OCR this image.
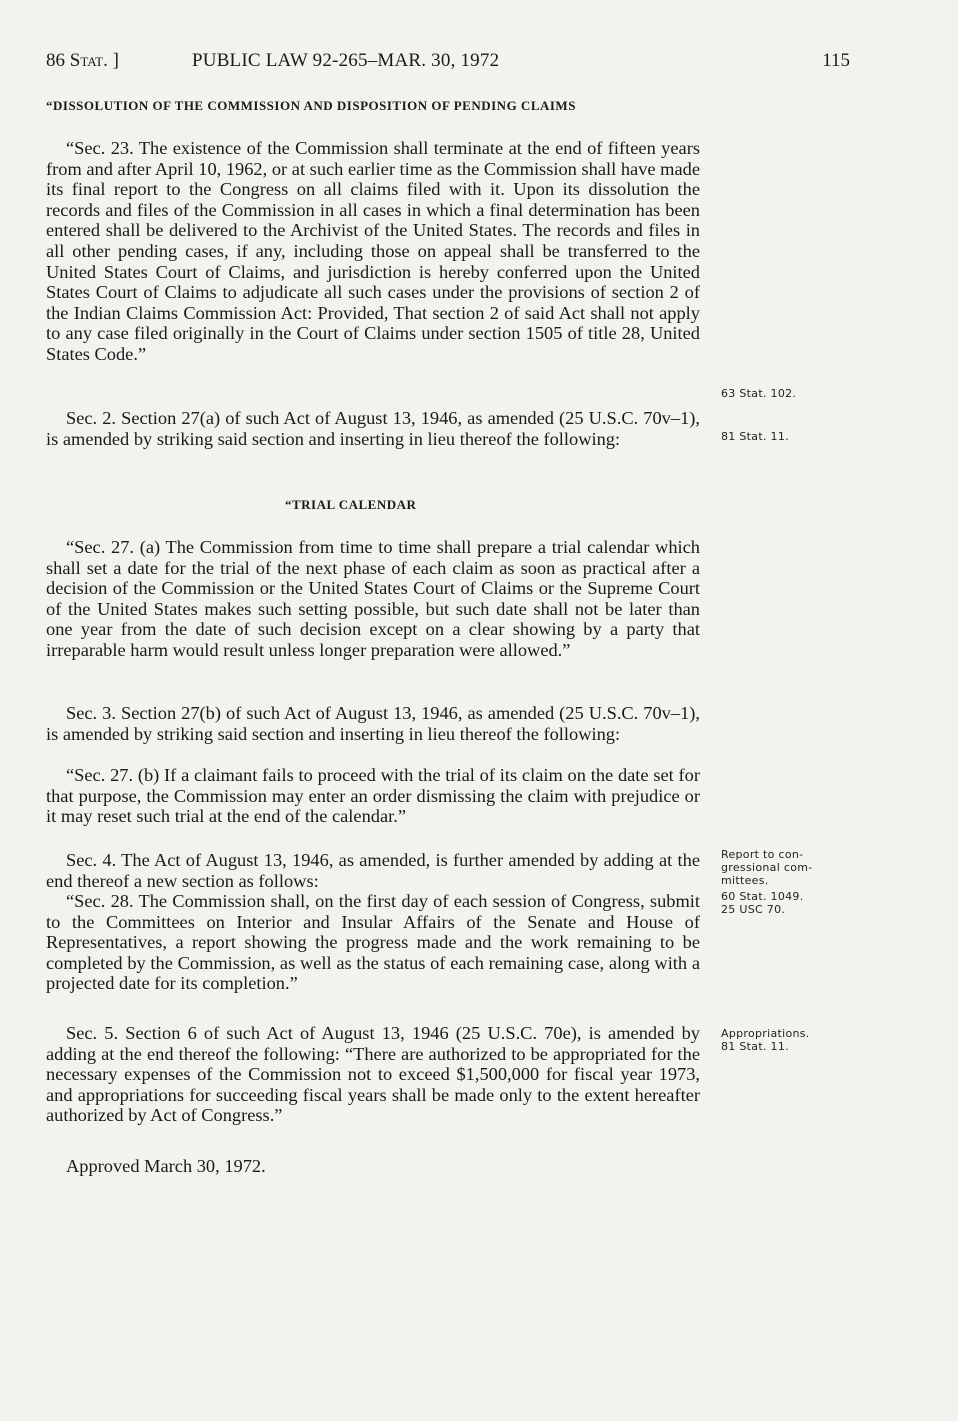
86 Stat. ]	PUBLIC LAW 92-265–MAR. 30, 1972	115
“DISSOLUTION OF THE COMMISSION AND DISPOSITION OF PENDING CLAIMS

“Sec. 23. The existence of the Commission shall terminate at the end of fifteen years from and after April 10, 1962, or at such earlier time as the Commission shall have made its final report to the Congress on all claims filed with it. Upon its dissolution the records and files of the Commission in all cases in which a final determination has been entered shall be delivered to the Archivist of the United States. The records and files in all other pending cases, if any, including those on appeal shall be transferred to the United States Court of Claims, and jurisdiction is hereby conferred upon the United States Court of Claims to adjudicate all such cases under the provisions of section 2 of the Indian Claims Commission Act: Provided, That section 2 of said Act shall not apply to any case filed originally in the Court of Claims under section 1505 of title 28, United States Code.”

Sec. 2. Section 27(a) of such Act of August 13, 1946, as amended (25 U.S.C. 70v–1), is amended by striking said section and inserting in lieu thereof the following:

“TRIAL CALENDAR

“Sec. 27. (a) The Commission from time to time shall prepare a trial calendar which shall set a date for the trial of the next phase of each claim as soon as practical after a decision of the Commission or the United States Court of Claims or the Supreme Court of the United States makes such setting possible, but such date shall not be later than one year from the date of such decision except on a clear showing by a party that irreparable harm would result unless longer preparation were allowed.”

Sec. 3. Section 27(b) of such Act of August 13, 1946, as amended (25 U.S.C. 70v–1), is amended by striking said section and inserting in lieu thereof the following:

“Sec. 27. (b) If a claimant fails to proceed with the trial of its claim on the date set for that purpose, the Commission may enter an order dismissing the claim with prejudice or it may reset such trial at the end of the calendar.”

Sec. 4. The Act of August 13, 1946, as amended, is further amended by adding at the end thereof a new section as follows:

“Sec. 28. The Commission shall, on the first day of each session of Congress, submit to the Committees on Interior and Insular Affairs of the Senate and House of Representatives, a report showing the progress made and the work remaining to be completed by the Commission, as well as the status of each remaining case, along with a projected date for its completion.”

Sec. 5. Section 6 of such Act of August 13, 1946 (25 U.S.C. 70e), is amended by adding at the end thereof the following: “There are authorized to be appropriated for the necessary expenses of the Commission not to exceed $1,500,000 for fiscal year 1973, and appropriations for succeeding fiscal years shall be made only to the extent hereafter authorized by Act of Congress.”

Approved March 30, 1972.
63 Stat. 102.
81 Stat. 11.
Report to con-
gressional com-
mittees.
60 Stat. 1049.
25 USC 70.
Appropriations.
81 Stat. 11.
